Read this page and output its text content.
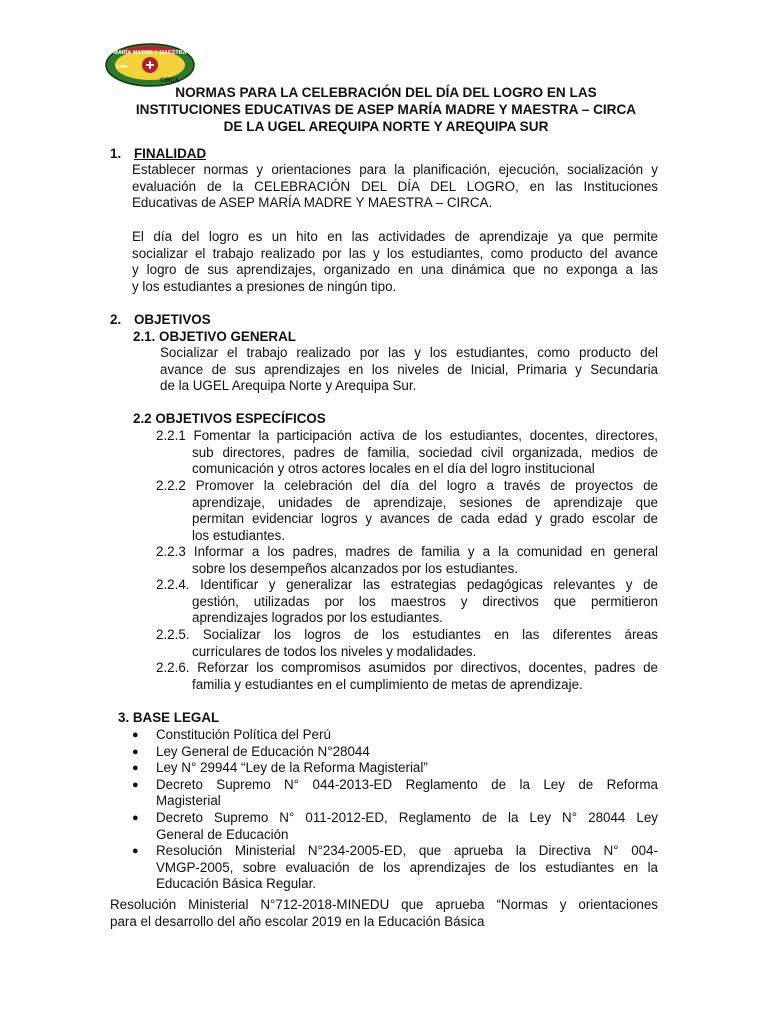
MARÍA MADRE Y MAESTRA
ASEP
CIRCA
NORMAS PARA LA CELEBRACIÓN DEL DÍA DEL LOGRO EN LAS
INSTITUCIONES EDUCATIVAS DE ASEP MARÍA MADRE Y MAESTRA – CIRCA
DE LA UGEL AREQUIPA NORTE Y AREQUIPA SUR
1. FINALIDAD
Establecer normas y orientaciones para la planificación, ejecución, socialización y
evaluación de la CELEBRACIÓN DEL DÍA DEL LOGRO, en las Instituciones
Educativas de ASEP MARÍA MADRE Y MAESTRA – CIRCA.
El día del logro es un hito en las actividades de aprendizaje ya que permite
socializar el trabajo realizado por las y los estudiantes, como producto del avance
y logro de sus aprendizajes, organizado en una dinámica que no exponga a las
y los estudiantes a presiones de ningún tipo.
2. OBJETIVOS
2.1. OBJETIVO GENERAL
Socializar el trabajo realizado por las y los estudiantes, como producto del
avance de sus aprendizajes en los niveles de Inicial, Primaria y Secundaria
de la UGEL Arequipa Norte y Arequipa Sur.
2.2 OBJETIVOS ESPECÍFICOS
2.2.1 Fomentar la participación activa de los estudiantes, docentes, directores,
sub directores, padres de familia, sociedad civil organizada, medios de
comunicación y otros actores locales en el día del logro institucional
2.2.2 Promover la celebración del día del logro a través de proyectos de
aprendizaje, unidades de aprendizaje, sesiones de aprendizaje que
permitan evidenciar logros y avances de cada edad y grado escolar de
los estudiantes.
2.2.3 Informar a los padres, madres de familia y a la comunidad en general
sobre los desempeños alcanzados por los estudiantes.
2.2.4. Identificar y generalizar las estrategias pedagógicas relevantes y de
gestión, utilizadas por los maestros y directivos que permitieron
aprendizajes logrados por los estudiantes.
2.2.5. Socializar los logros de los estudiantes en las diferentes áreas
curriculares de todos los niveles y modalidades.
2.2.6. Reforzar los compromisos asumidos por directivos, docentes, padres de
familia y estudiantes en el cumplimiento de metas de aprendizaje.
3. BASE LEGAL
● Constitución Política del Perú
● Ley General de Educación N°28044
● Ley N° 29944 “Ley de la Reforma Magisterial”
● Decreto Supremo N° 044-2013-ED Reglamento de la Ley de Reforma
Magisterial
● Decreto Supremo N° 011-2012-ED, Reglamento de la Ley N° 28044 Ley
General de Educación
● Resolución Ministerial N°234-2005-ED, que aprueba la Directiva N° 004-
VMGP-2005, sobre evaluación de los aprendizajes de los estudiantes en la
Educación Básica Regular.
Resolución Ministerial N°712-2018-MINEDU que aprueba “Normas y orientaciones
para el desarrollo del año escolar 2019 en la Educación Básica
